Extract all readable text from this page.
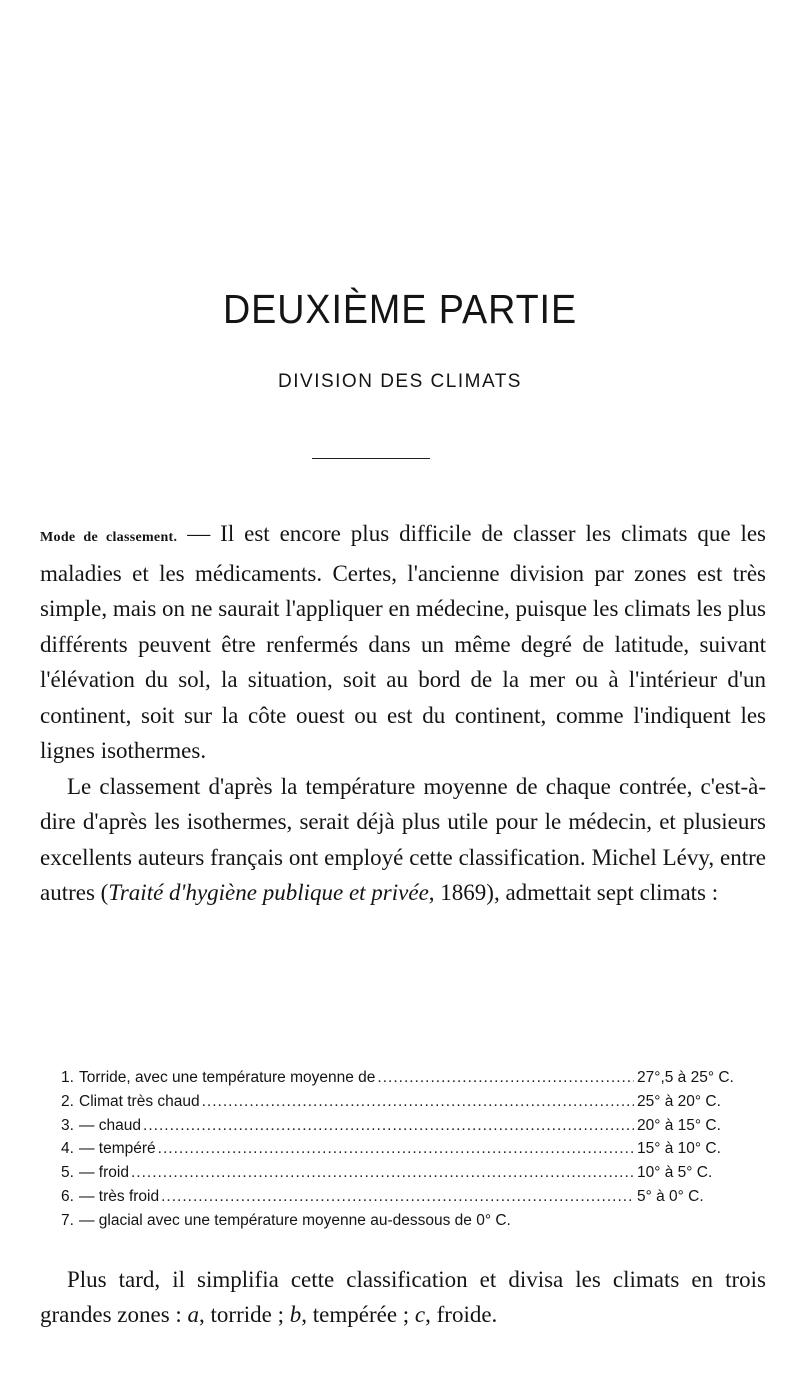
DEUXIÈME PARTIE
DIVISION DES CLIMATS

Mode de classement. — Il est encore plus difficile de classer les climats que les maladies et les médicaments. Certes, l'ancienne division par zones est très simple, mais on ne saurait l'appliquer en médecine, puisque les climats les plus différents peuvent être renfermés dans un même degré de latitude, suivant l'élévation du sol, la situation, soit au bord de la mer ou à l'intérieur d'un continent, soit sur la côte ouest ou est du continent, comme l'indiquent les lignes isothermes.

Le classement d'après la température moyenne de chaque contrée, c'est-à-dire d'après les isothermes, serait déjà plus utile pour le médecin, et plusieurs excellents auteurs français ont employé cette classification. Michel Lévy, entre autres (Traité d'hygiène publique et privée, 1869), admettait sept climats :

1. Torride, avec une température moyenne de .....	27°,5 à 25° C.
2. Climat très chaud .....	25° à 20° C.
3. — chaud .....	20° à 15° C.
4. — tempéré .....	15° à 10° C.
5. — froid .....	10° à 5° C.
6. — très froid .....	5° à 0° C.
7. — glacial avec une température moyenne au-dessous de 0° C.

Plus tard, il simplifia cette classification et divisa les climats en trois grandes zones : a, torride ; b, tempérée ; c, froide.
